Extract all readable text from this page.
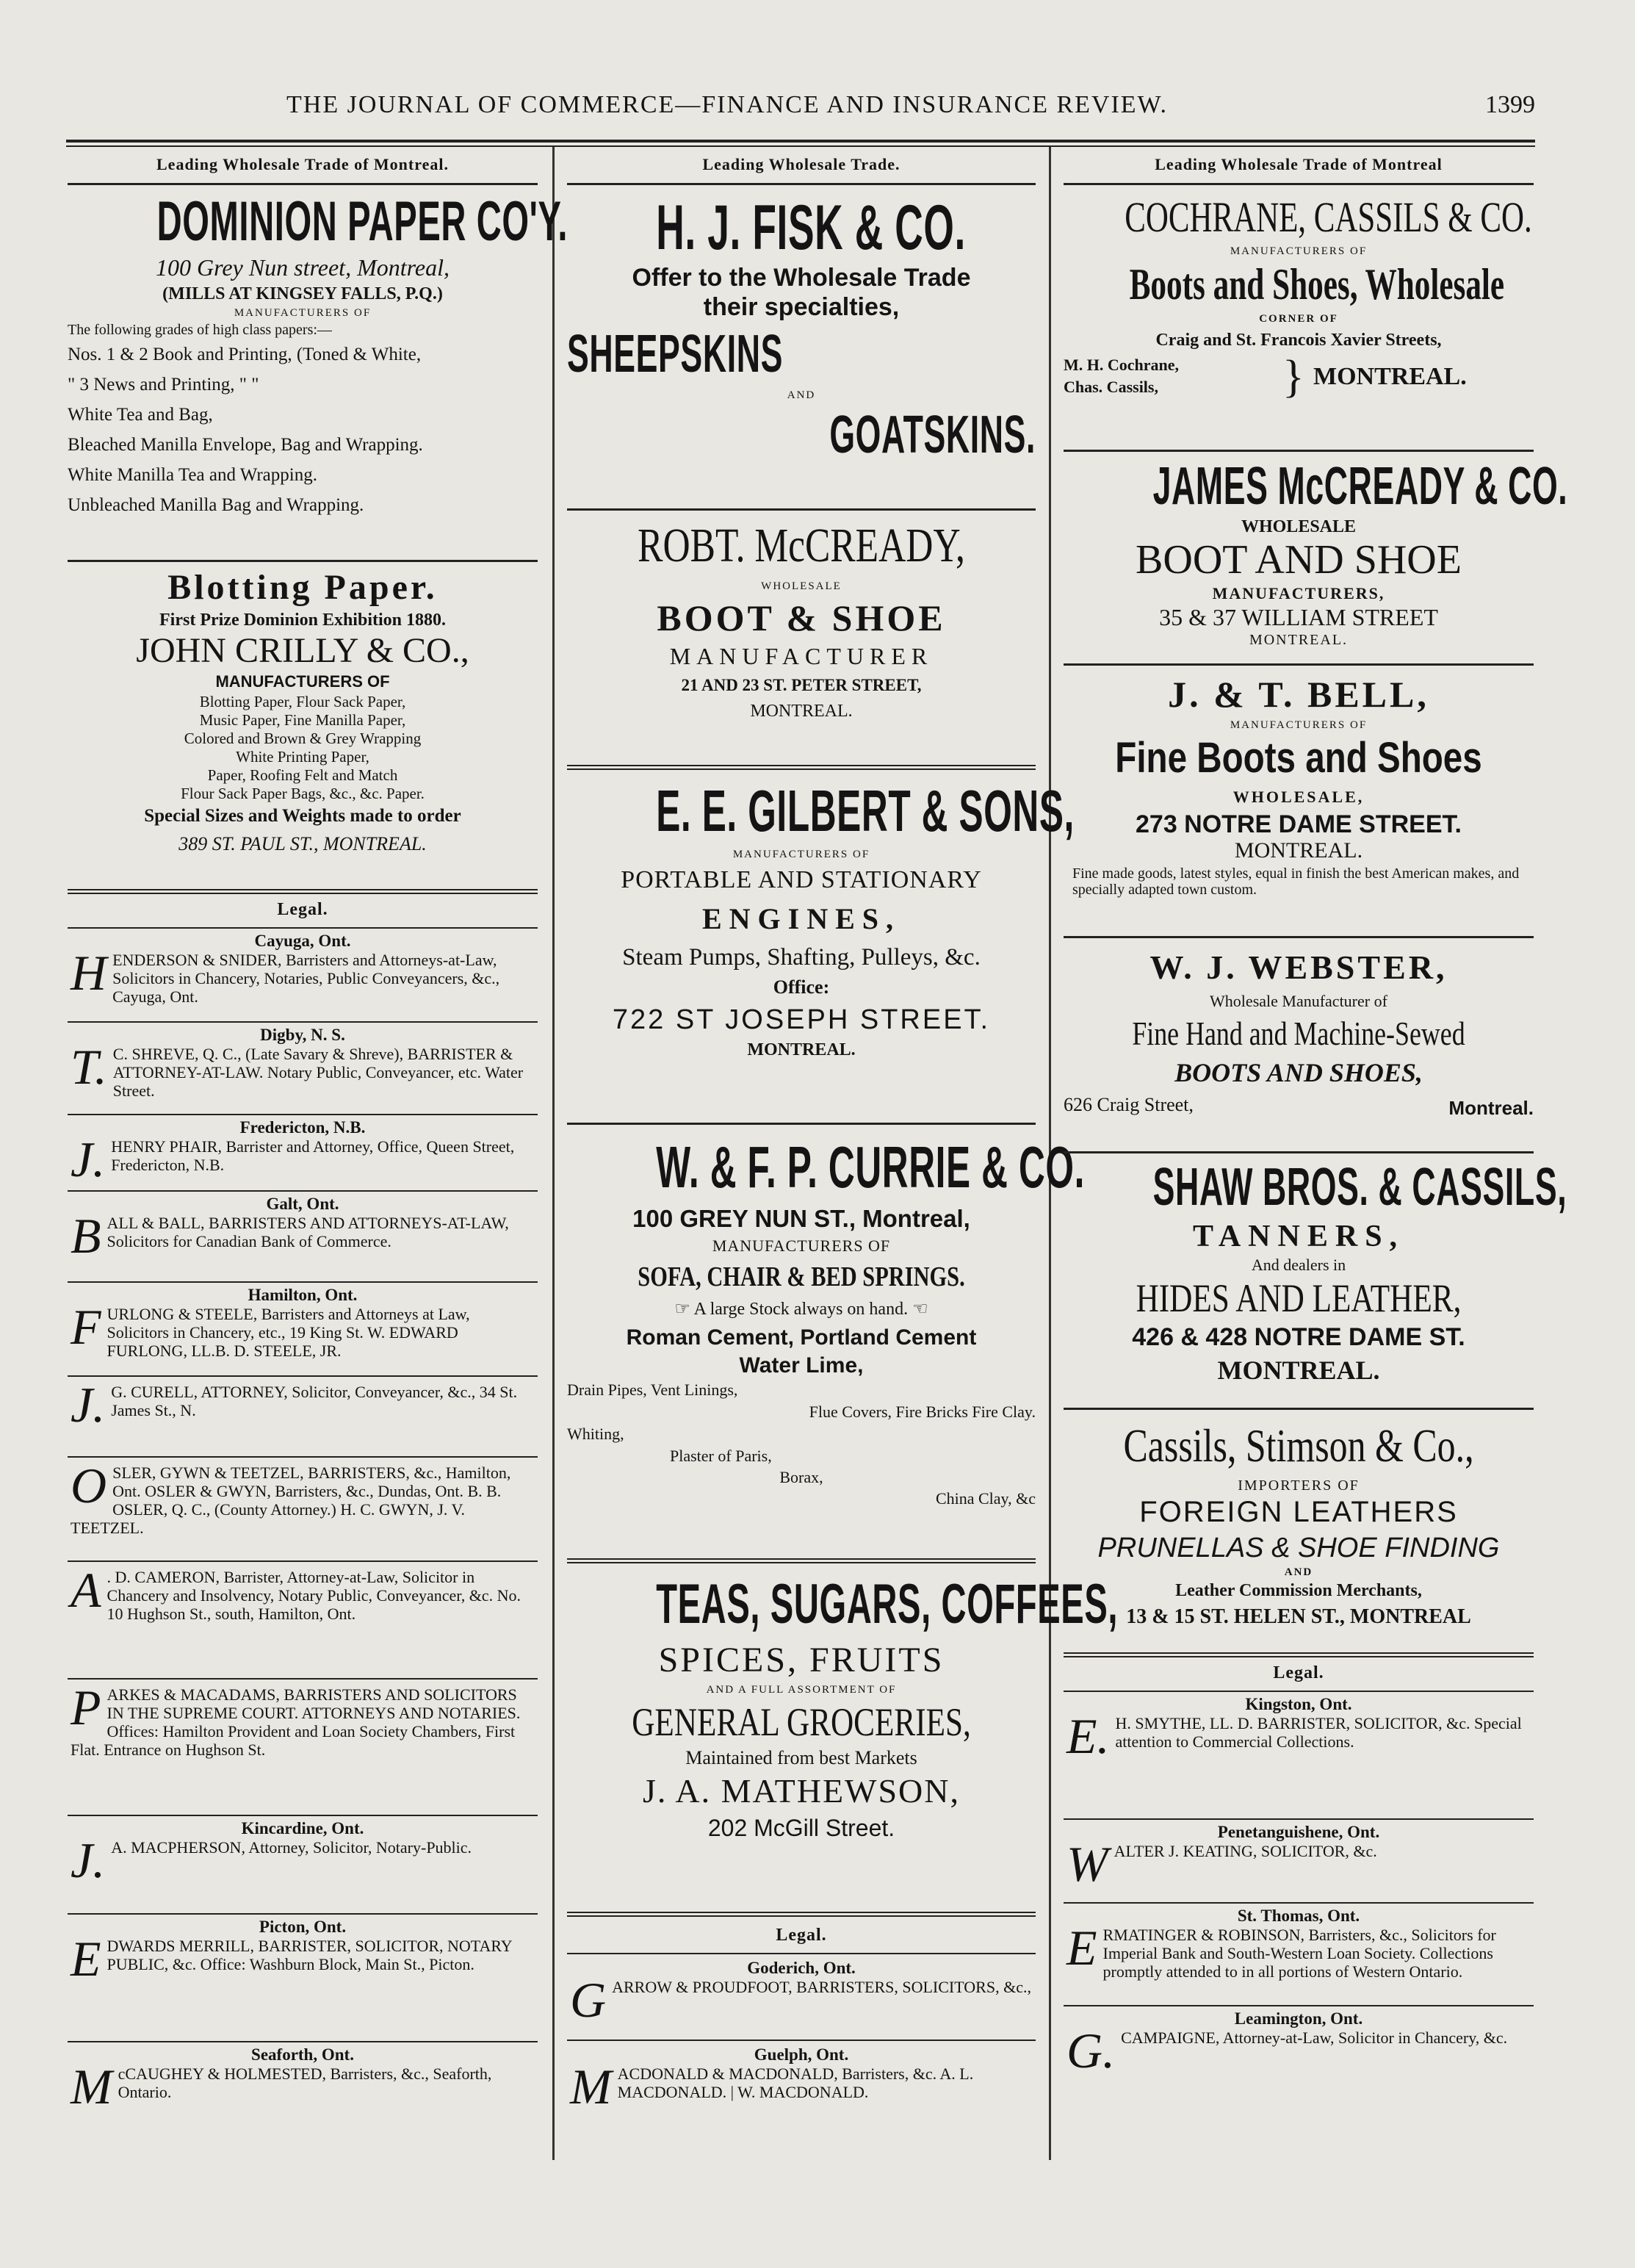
THE JOURNAL OF COMMERCE—FINANCE AND INSURANCE REVIEW.	1399
Leading Wholesale Trade of Montreal.
DOMINION PAPER CO'Y.
100 Grey Nun street, Montreal,
(MILLS AT KINGSEY FALLS, P.Q.)
MANUFACTURERS OF
The following grades of high class papers:—
Nos. 1 & 2 Book and Printing, (Toned & White,
" 3 News and Printing, " "
White Tea and Bag,
Bleached Manilla Envelope, Bag and Wrapping.
White Manilla Tea and Wrapping.
Unbleached Manilla Bag and Wrapping.
Blotting Paper.
First Prize Dominion Exhibition 1880.
JOHN CRILLY & CO.,
MANUFACTURERS OF
Blotting Paper, Flour Sack Paper,
Music Paper, Fine Manilla Paper,
Colored and Brown & Grey Wrapping
White Printing Paper,
Paper, Roofing Felt and Match
Flour Sack Paper Bags, &c., &c. Paper.
Special Sizes and Weights made to order
389 ST. PAUL ST., MONTREAL.
Legal.
Cayuga, Ont.
H ENDERSON & SNIDER, Barristers and Attorneys-at-Law, Solicitors in Chancery, Notaries, Public Conveyancers, &c., Cayuga, Ont.
Digby, N. S.
T. C. SHREVE, Q. C., (Late Savary & Shreve), BARRISTER & ATTORNEY-AT-LAW. Notary Public, Conveyancer, etc. Water Street.
Fredericton, N.B.
J. HENRY PHAIR, Barrister and Attorney, Office, Queen Street, Fredericton, N.B.
Galt, Ont.
B ALL & BALL, BARRISTERS AND ATTORNEYS-AT-LAW, Solicitors for Canadian Bank of Commerce.
Hamilton, Ont.
F URLONG & STEELE, Barristers and Attorneys at Law, Solicitors in Chancery, etc., 19 King St. W. EDWARD FURLONG, LL.B. D. STEELE, JR.
J. G. CURELL, ATTORNEY, Solicitor, Conveyancer, &c., 34 St. James St., N.
O SLER, GYWN & TEETZEL, BARRISTERS, &c., Hamilton, Ont. OSLER & GWYN, Barristers, &c., Dundas, Ont. B. B. OSLER, Q. C., (County Attorney.) H. C. GWYN, J. V. TEETZEL.
A . D. CAMERON, Barrister, Attorney-at-Law, Solicitor in Chancery and Insolvency, Notary Public, Conveyancer, &c. No. 10 Hughson St., south, Hamilton, Ont.
P ARKES & MACADAMS, BARRISTERS AND SOLICITORS IN THE SUPREME COURT. ATTORNEYS AND NOTARIES. Offices: Hamilton Provident and Loan Society Chambers, First Flat. Entrance on Hughson St.
Kincardine, Ont.
J. A. MACPHERSON, Attorney, Solicitor, Notary-Public.
Picton, Ont.
E DWARDS MERRILL, BARRISTER, SOLICITOR, NOTARY PUBLIC, &c. Office: Washburn Block, Main St., Picton.
Seaforth, Ont.
M cCAUGHEY & HOLMESTED, Barristers, &c., Seaforth, Ontario.
Leading Wholesale Trade.
H. J. FISK & CO.
Offer to the Wholesale Trade
their specialties,
SHEEPSKINS
AND
GOATSKINS.
ROBT. McCREADY,
WHOLESALE
BOOT & SHOE
MANUFACTURER
21 AND 23 ST. PETER STREET,
MONTREAL.
E. E. GILBERT & SONS,
MANUFACTURERS OF
PORTABLE AND STATIONARY
ENGINES,
Steam Pumps, Shafting, Pulleys, &c.
Office:
722 ST JOSEPH STREET.
MONTREAL.
W. & F. P. CURRIE & CO.
100 GREY NUN ST., Montreal,
MANUFACTURERS OF
SOFA, CHAIR & BED SPRINGS.
☞ A large Stock always on hand. ☜
Roman Cement, Portland Cement
Water Lime,
Drain Pipes, Vent Linings,
Flue Covers, Fire Bricks Fire Clay.
Whiting,
Plaster of Paris,
Borax,
China Clay, &c
TEAS, SUGARS, COFFEES,
SPICES, FRUITS
AND A FULL ASSORTMENT OF
GENERAL GROCERIES,
Maintained from best Markets
J. A. MATHEWSON,
202 McGill Street.
Legal.
Goderich, Ont.
G ARROW & PROUDFOOT, BARRISTERS, SOLICITORS, &c.,
Guelph, Ont.
M ACDONALD & MACDONALD, Barristers, &c. A. L. MACDONALD. | W. MACDONALD.
Leading Wholesale Trade of Montreal
COCHRANE, CASSILS & CO.
MANUFACTURERS OF
Boots and Shoes, Wholesale
CORNER OF
Craig and St. Francois Xavier Streets,
M. H. Cochrane,
Chas. Cassils,	} MONTREAL.
JAMES McCREADY & CO.
WHOLESALE
BOOT AND SHOE
MANUFACTURERS,
35 & 37 WILLIAM STREET
MONTREAL.
J. & T. BELL,
MANUFACTURERS OF
Fine Boots and Shoes
WHOLESALE,
273 NOTRE DAME STREET.
MONTREAL.
Fine made goods, latest styles, equal in finish the best American makes, and specially adapted town custom.
W. J. WEBSTER,
Wholesale Manufacturer of
Fine Hand and Machine-Sewed
BOOTS AND SHOES,
626 Craig Street,	Montreal.
SHAW BROS. & CASSILS,
TANNERS,
And dealers in
HIDES AND LEATHER,
426 & 428 NOTRE DAME ST.
MONTREAL.
Cassils, Stimson & Co.,
IMPORTERS OF
FOREIGN LEATHERS
PRUNELLAS & SHOE FINDING
AND
Leather Commission Merchants,
13 & 15 ST. HELEN ST., MONTREAL
Legal.
Kingston, Ont.
E. H. SMYTHE, LL. D. BARRISTER, SOLICITOR, &c. Special attention to Commercial Collections.
Penetanguishene, Ont.
W ALTER J. KEATING, SOLICITOR, &c.
St. Thomas, Ont.
E RMATINGER & ROBINSON, Barristers, &c., Solicitors for Imperial Bank and South-Western Loan Society. Collections promptly attended to in all portions of Western Ontario.
Leamington, Ont.
G. CAMPAIGNE, Attorney-at-Law, Solicitor in Chancery, &c.
